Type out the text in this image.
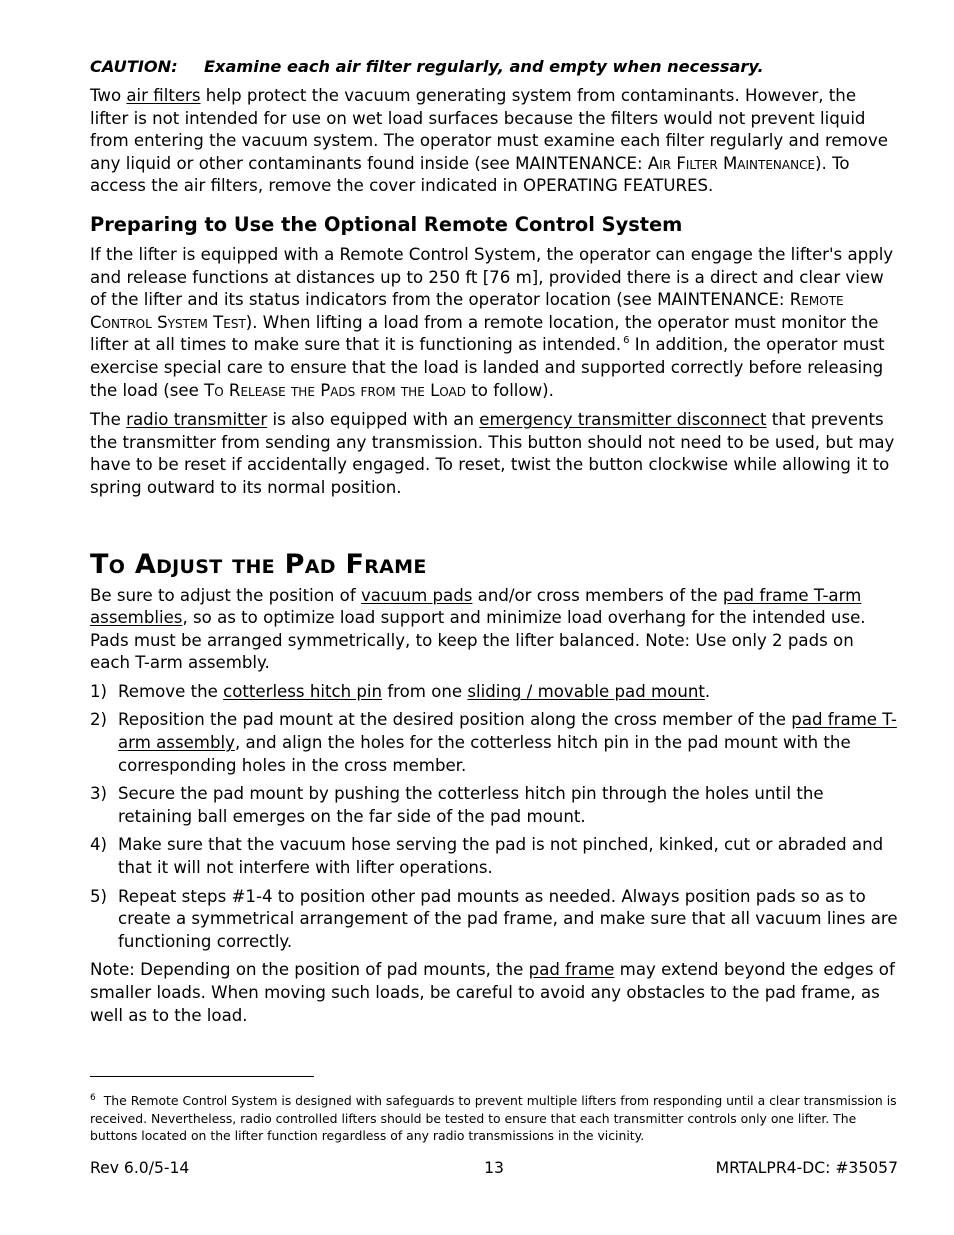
CAUTION: Examine each air filter regularly, and empty when necessary.

Two air filters help protect the vacuum generating system from contaminants. However, the lifter is not intended for use on wet load surfaces because the filters would not prevent liquid from entering the vacuum system. The operator must examine each filter regularly and remove any liquid or other contaminants found inside (see MAINTENANCE: Air Filter Maintenance). To access the air filters, remove the cover indicated in OPERATING FEATURES.

Preparing to Use the Optional Remote Control System

If the lifter is equipped with a Remote Control System, the operator can engage the lifter's apply and release functions at distances up to 250 ft [76 m], provided there is a direct and clear view of the lifter and its status indicators from the operator location (see MAINTENANCE: Remote Control System Test). When lifting a load from a remote location, the operator must monitor the lifter at all times to make sure that it is functioning as intended. $^6$ In addition, the operator must exercise special care to ensure that the load is landed and supported correctly before releasing the load (see To Release the Pads from the Load to follow).

The radio transmitter is also equipped with an emergency transmitter disconnect that prevents the transmitter from sending any transmission. This button should not need to be used, but may have to be reset if accidentally engaged. To reset, twist the button clockwise while allowing it to spring outward to its normal position.

To Adjust the Pad Frame

Be sure to adjust the position of vacuum pads and/or cross members of the pad frame T-arm assemblies, so as to optimize load support and minimize load overhang for the intended use. Pads must be arranged symmetrically, to keep the lifter balanced. Note: Use only 2 pads on each T-arm assembly.

1) Remove the cotterless hitch pin from one sliding / movable pad mount.
2) Reposition the pad mount at the desired position along the cross member of the pad frame T-arm assembly, and align the holes for the cotterless hitch pin in the pad mount with the corresponding holes in the cross member.
3) Secure the pad mount by pushing the cotterless hitch pin through the holes until the retaining ball emerges on the far side of the pad mount.
4) Make sure that the vacuum hose serving the pad is not pinched, kinked, cut or abraded and that it will not interfere with lifter operations.
5) Repeat steps #1-4 to position other pad mounts as needed. Always position pads so as to create a symmetrical arrangement of the pad frame, and make sure that all vacuum lines are functioning correctly.

Note: Depending on the position of pad mounts, the pad frame may extend beyond the edges of smaller loads. When moving such loads, be careful to avoid any obstacles to the pad frame, as well as to the load.

$^6$ The Remote Control System is designed with safeguards to prevent multiple lifters from responding until a clear transmission is received. Nevertheless, radio controlled lifters should be tested to ensure that each transmitter controls only one lifter. The buttons located on the lifter function regardless of any radio transmissions in the vicinity.

Rev 6.0/5-14	13	MRTALPR4-DC: #35057
